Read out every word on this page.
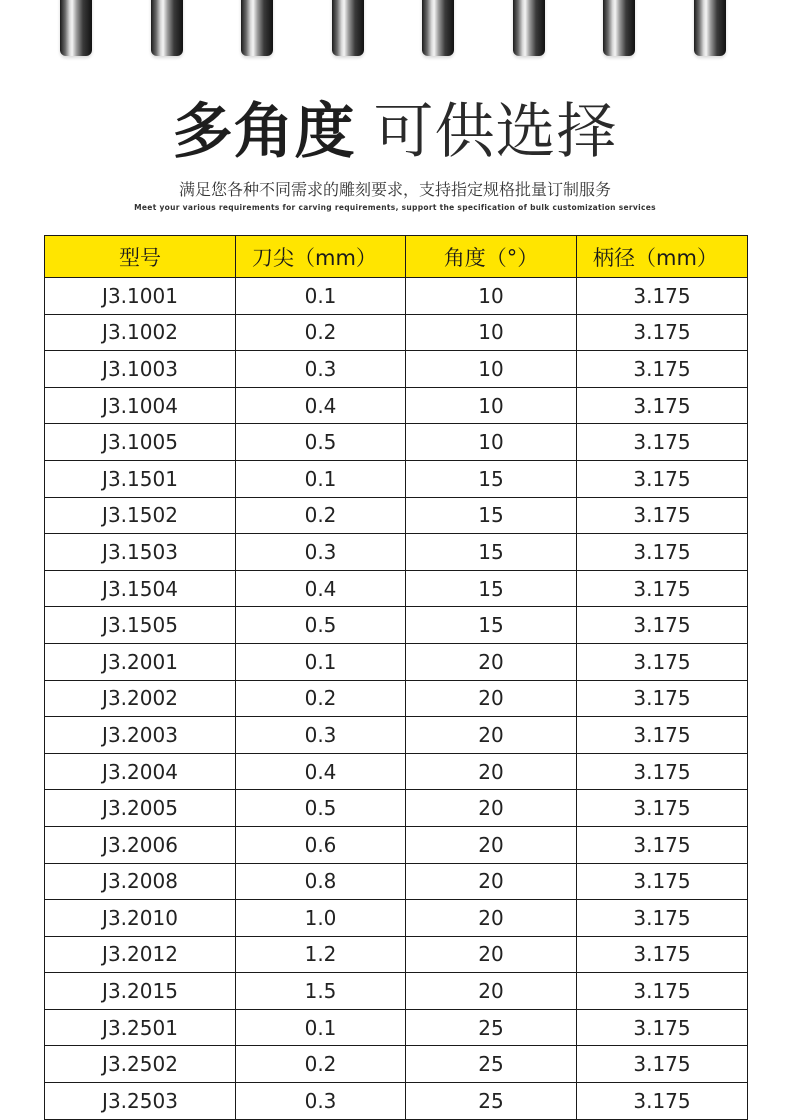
多角度 可供选择
满足您各种不同需求的雕刻要求，支持指定规格批量订制服务
Meet your various requirements for carving requirements, support the specification of bulk customization services
型号	刀尖（mm）	角度（°）	柄径（mm）
J3.1001	0.1	10	3.175
J3.1002	0.2	10	3.175
J3.1003	0.3	10	3.175
J3.1004	0.4	10	3.175
J3.1005	0.5	10	3.175
J3.1501	0.1	15	3.175
J3.1502	0.2	15	3.175
J3.1503	0.3	15	3.175
J3.1504	0.4	15	3.175
J3.1505	0.5	15	3.175
J3.2001	0.1	20	3.175
J3.2002	0.2	20	3.175
J3.2003	0.3	20	3.175
J3.2004	0.4	20	3.175
J3.2005	0.5	20	3.175
J3.2006	0.6	20	3.175
J3.2008	0.8	20	3.175
J3.2010	1.0	20	3.175
J3.2012	1.2	20	3.175
J3.2015	1.5	20	3.175
J3.2501	0.1	25	3.175
J3.2502	0.2	25	3.175
J3.2503	0.3	25	3.175
